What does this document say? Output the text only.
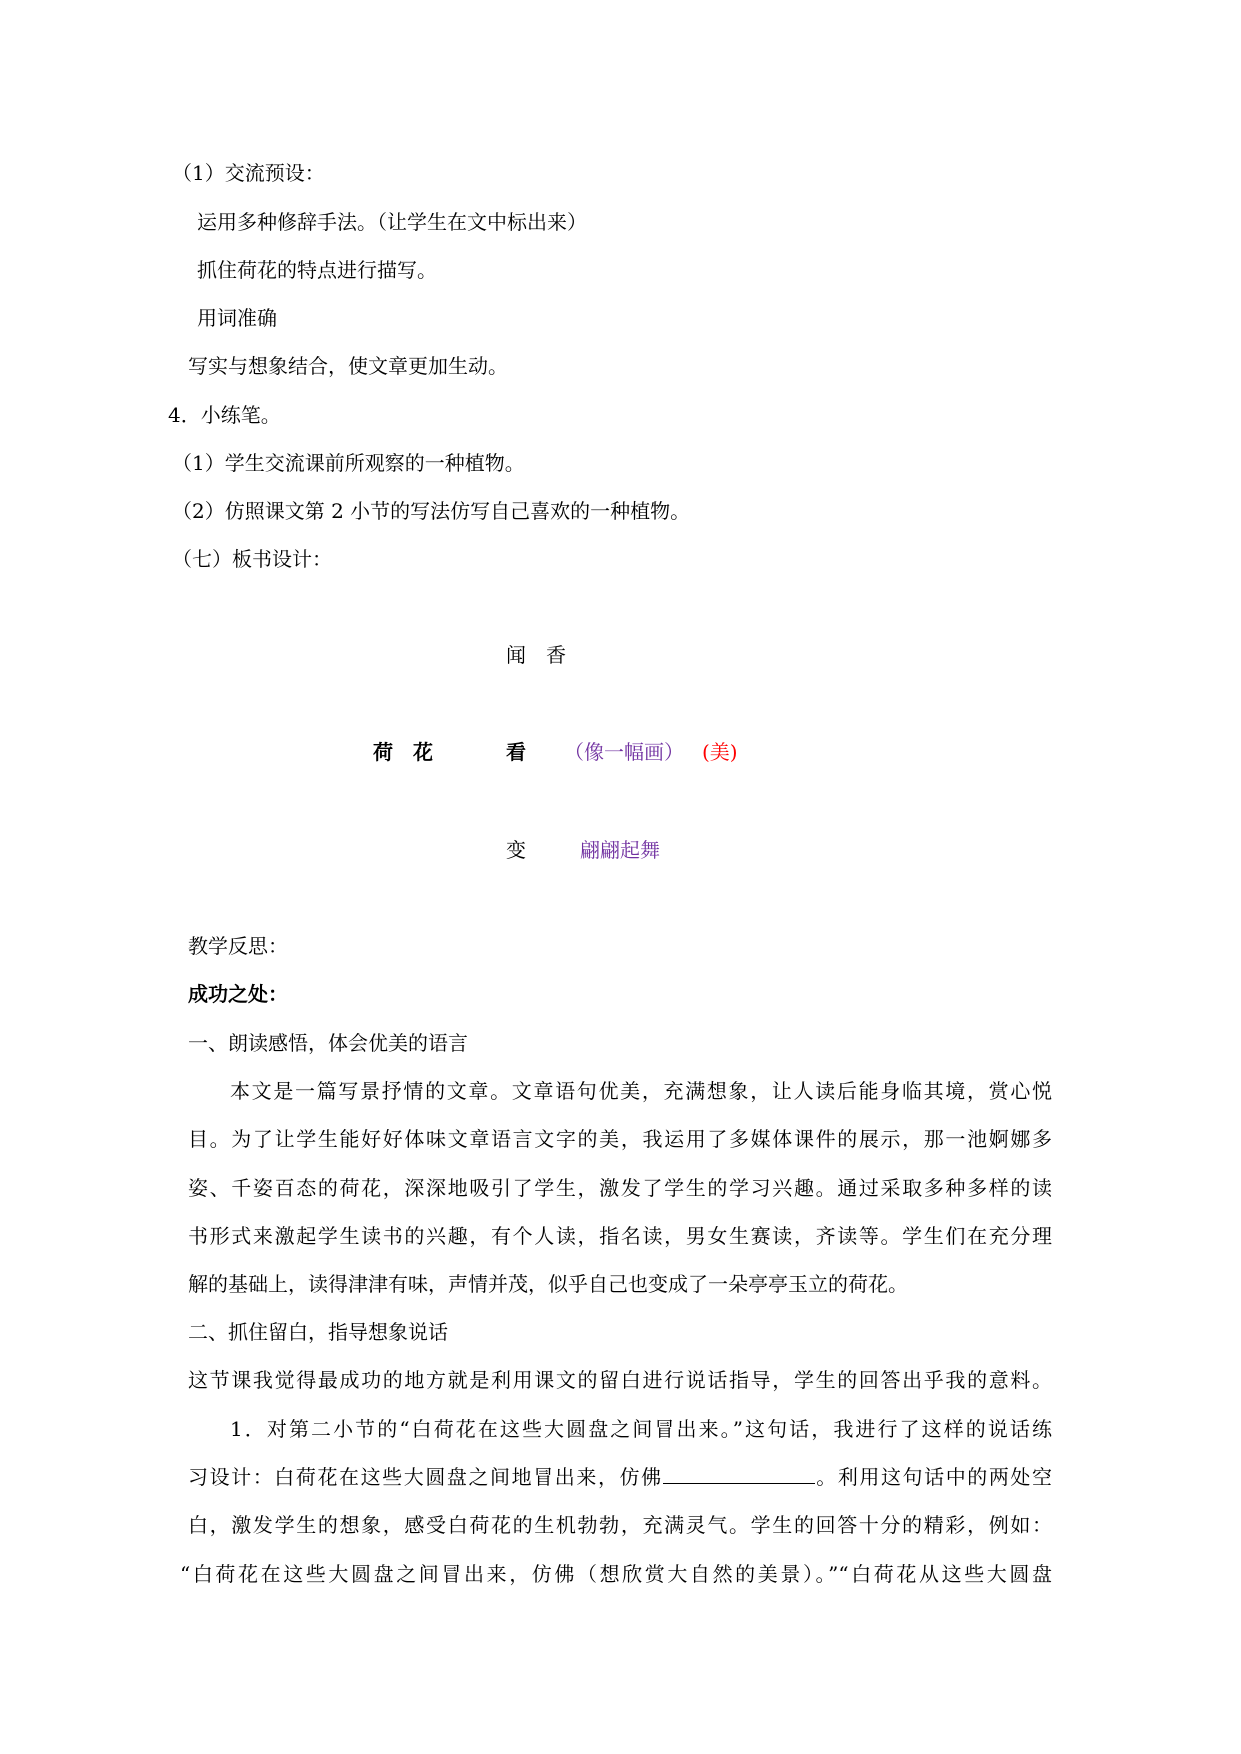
（1）交流预设：
运用多种修辞手法。（让学生在文中标出来）
抓住荷花的特点进行描写。
用词准确
写实与想象结合，使文章更加生动。
4．小练笔。
（1）学生交流课前所观察的一种植物。
（2）仿照课文第 2 小节的写法仿写自己喜欢的一种植物。
（七）板书设计：
闻　香
荷　花	看 （像一幅画） (美)
变	翩翩起舞
教学反思：
成功之处：
一、朗读感悟，体会优美的语言
本文是一篇写景抒情的文章。文章语句优美，充满想象，让人读后能身临其境，赏心悦
目。为了让学生能好好体味文章语言文字的美，我运用了多媒体课件的展示，那一池婀娜多
姿、千姿百态的荷花，深深地吸引了学生，激发了学生的学习兴趣。通过采取多种多样的读
书形式来激起学生读书的兴趣，有个人读，指名读，男女生赛读，齐读等。学生们在充分理
解的基础上，读得津津有味，声情并茂，似乎自己也变成了一朵亭亭玉立的荷花。
二、抓住留白，指导想象说话
这节课我觉得最成功的地方就是利用课文的留白进行说话指导，学生的回答出乎我的意料。
1．对第二小节的“白荷花在这些大圆盘之间冒出来。”这句话，我进行了这样的说话练
习设计：白荷花在这些大圆盘之间地冒出来，仿佛	。利用这句话中的两处空
白，激发学生的想象，感受白荷花的生机勃勃，充满灵气。学生的回答十分的精彩，例如：
“白荷花在这些大圆盘之间冒出来，仿佛（想欣赏大自然的美景）。”“白荷花从这些大圆盘
